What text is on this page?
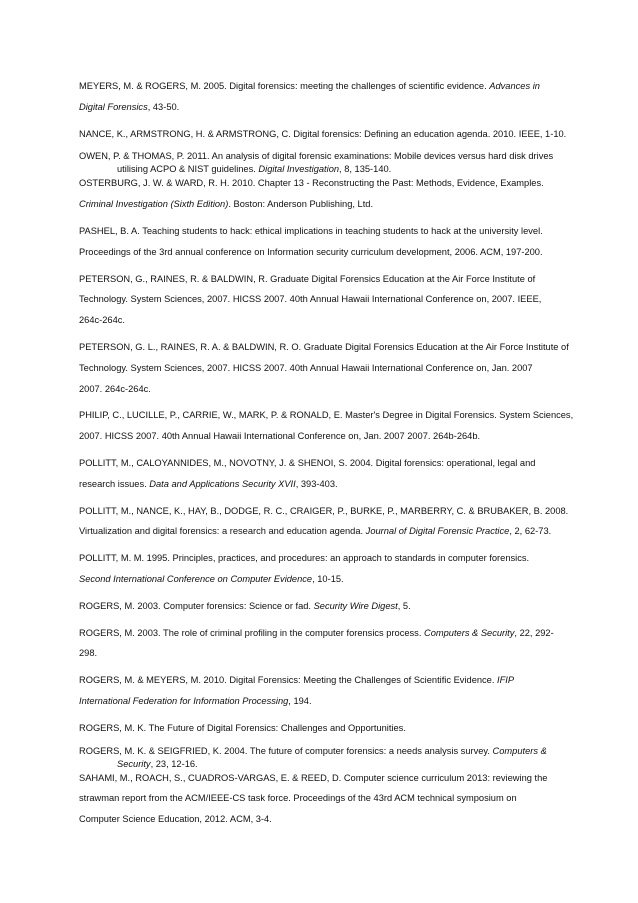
MEYERS, M. & ROGERS, M. 2005. Digital forensics: meeting the challenges of scientific evidence. Advances in
Digital Forensics, 43-50.
NANCE, K., ARMSTRONG, H. & ARMSTRONG, C. Digital forensics: Defining an education agenda. 2010. IEEE, 1-10.
OWEN, P. & THOMAS, P. 2011. An analysis of digital forensic examinations: Mobile devices versus hard disk drives
utilising ACPO & NIST guidelines. Digital Investigation, 8, 135-140.
OSTERBURG, J. W. & WARD, R. H. 2010. Chapter 13 - Reconstructing the Past: Methods, Evidence, Examples.
Criminal Investigation (Sixth Edition). Boston: Anderson Publishing, Ltd.
PASHEL, B. A. Teaching students to hack: ethical implications in teaching students to hack at the university level.
Proceedings of the 3rd annual conference on Information security curriculum development, 2006. ACM, 197-200.
PETERSON, G., RAINES, R. & BALDWIN, R. Graduate Digital Forensics Education at the Air Force Institute of
Technology. System Sciences, 2007. HICSS 2007. 40th Annual Hawaii International Conference on, 2007. IEEE,
264c-264c.
PETERSON, G. L., RAINES, R. A. & BALDWIN, R. O. Graduate Digital Forensics Education at the Air Force Institute of
Technology. System Sciences, 2007. HICSS 2007. 40th Annual Hawaii International Conference on, Jan. 2007
2007. 264c-264c.
PHILIP, C., LUCILLE, P., CARRIE, W., MARK, P. & RONALD, E. Master's Degree in Digital Forensics. System Sciences,
2007. HICSS 2007. 40th Annual Hawaii International Conference on, Jan. 2007 2007. 264b-264b.
POLLITT, M., CALOYANNIDES, M., NOVOTNY, J. & SHENOI, S. 2004. Digital forensics: operational, legal and
research issues. Data and Applications Security XVII, 393-403.
POLLITT, M., NANCE, K., HAY, B., DODGE, R. C., CRAIGER, P., BURKE, P., MARBERRY, C. & BRUBAKER, B. 2008.
Virtualization and digital forensics: a research and education agenda. Journal of Digital Forensic Practice, 2, 62-73.
POLLITT, M. M. 1995. Principles, practices, and procedures: an approach to standards in computer forensics.
Second International Conference on Computer Evidence, 10-15.
ROGERS, M. 2003. Computer forensics: Science or fad. Security Wire Digest, 5.
ROGERS, M. 2003. The role of criminal profiling in the computer forensics process. Computers & Security, 22, 292-
298.
ROGERS, M. & MEYERS, M. 2010. Digital Forensics: Meeting the Challenges of Scientific Evidence. IFIP
International Federation for Information Processing, 194.
ROGERS, M. K. The Future of Digital Forensics: Challenges and Opportunities.
ROGERS, M. K. & SEIGFRIED, K. 2004. The future of computer forensics: a needs analysis survey. Computers &
Security, 23, 12-16.
SAHAMI, M., ROACH, S., CUADROS-VARGAS, E. & REED, D. Computer science curriculum 2013: reviewing the
strawman report from the ACM/IEEE-CS task force. Proceedings of the 43rd ACM technical symposium on
Computer Science Education, 2012. ACM, 3-4.
